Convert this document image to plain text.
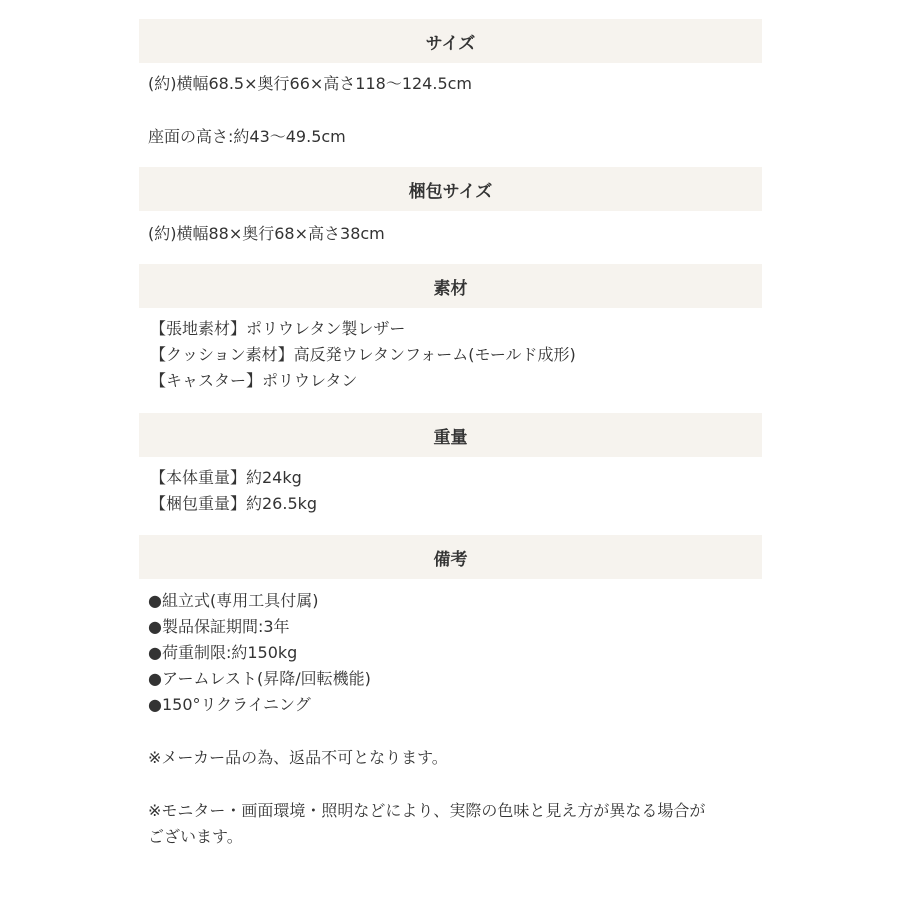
サイズ
(約)横幅68.5×奥行66×高さ118〜124.5cm
座面の高さ:約43〜49.5cm
梱包サイズ
(約)横幅88×奥行68×高さ38cm
素材
【張地素材】ポリウレタン製レザー
【クッション素材】高反発ウレタンフォーム(モールド成形)
【キャスター】ポリウレタン
重量
【本体重量】約24kg
【梱包重量】約26.5kg
備考
●組立式(専用工具付属)
●製品保証期間:3年
●荷重制限:約150kg
●アームレスト(昇降/回転機能)
●150°リクライニング
※メーカー品の為、返品不可となります。
※モニター・画面環境・照明などにより、実際の色味と見え方が異なる場合が
ございます。
